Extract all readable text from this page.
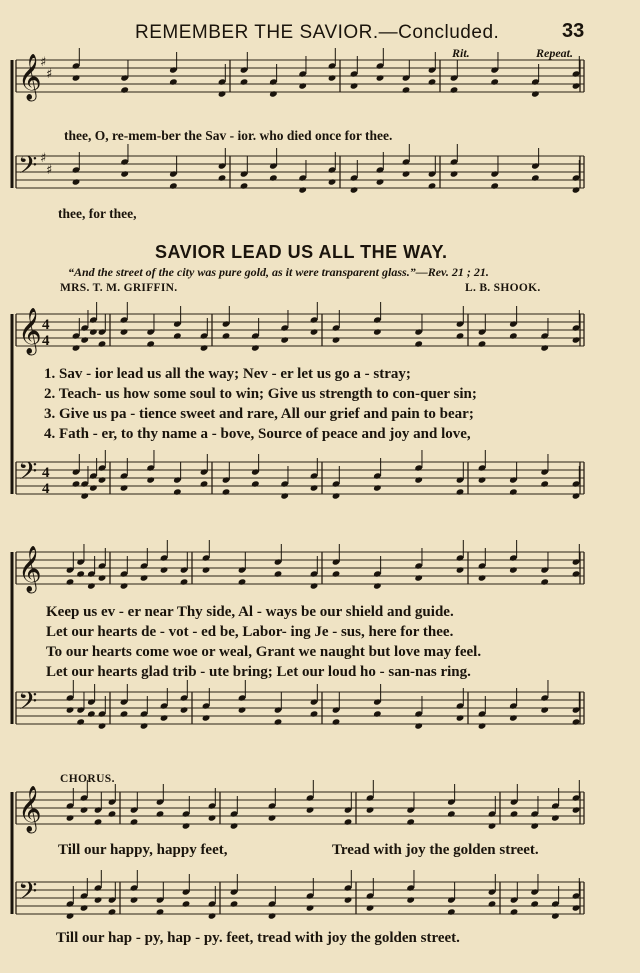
𝄞
♯
♯
𝄢 ♯
♯
𝄞 4
4
𝄢 4
4
𝄞
𝄢
𝄞
𝄢
REMEMBER THE SAVIOR.—Concluded.	33
Rit.	Repeat.
thee, O, re-mem-ber the Sav - ior. who died once for thee.
thee, for thee,
SAVIOR LEAD US ALL THE WAY.
“And the street of the city was pure gold, as it were transparent glass.”—Rev. 21 ; 21.
MRS. T. M. GRIFFIN.	L. B. SHOOK.
1. Sav - ior lead us all the way; Nev - er let us go a - stray;
2. Teach- us how some soul to win; Give us strength to con-quer sin;
3. Give us pa - tience sweet and rare, All our grief and pain to bear;
4. Fath - er, to thy name a - bove, Source of peace and joy and love,
Keep us ev - er near Thy side, Al - ways be our shield and guide.
Let our hearts de - vot - ed be, Labor- ing Je - sus, here for thee.
To our hearts come woe or weal, Grant we naught but love may feel.
Let our hearts glad trib - ute bring; Let our loud ho - san-nas ring.
CHORUS.
Till our happy, happy feet,	Tread with joy the golden street.
Till our hap - py, hap - py. feet, tread with joy the golden street.
